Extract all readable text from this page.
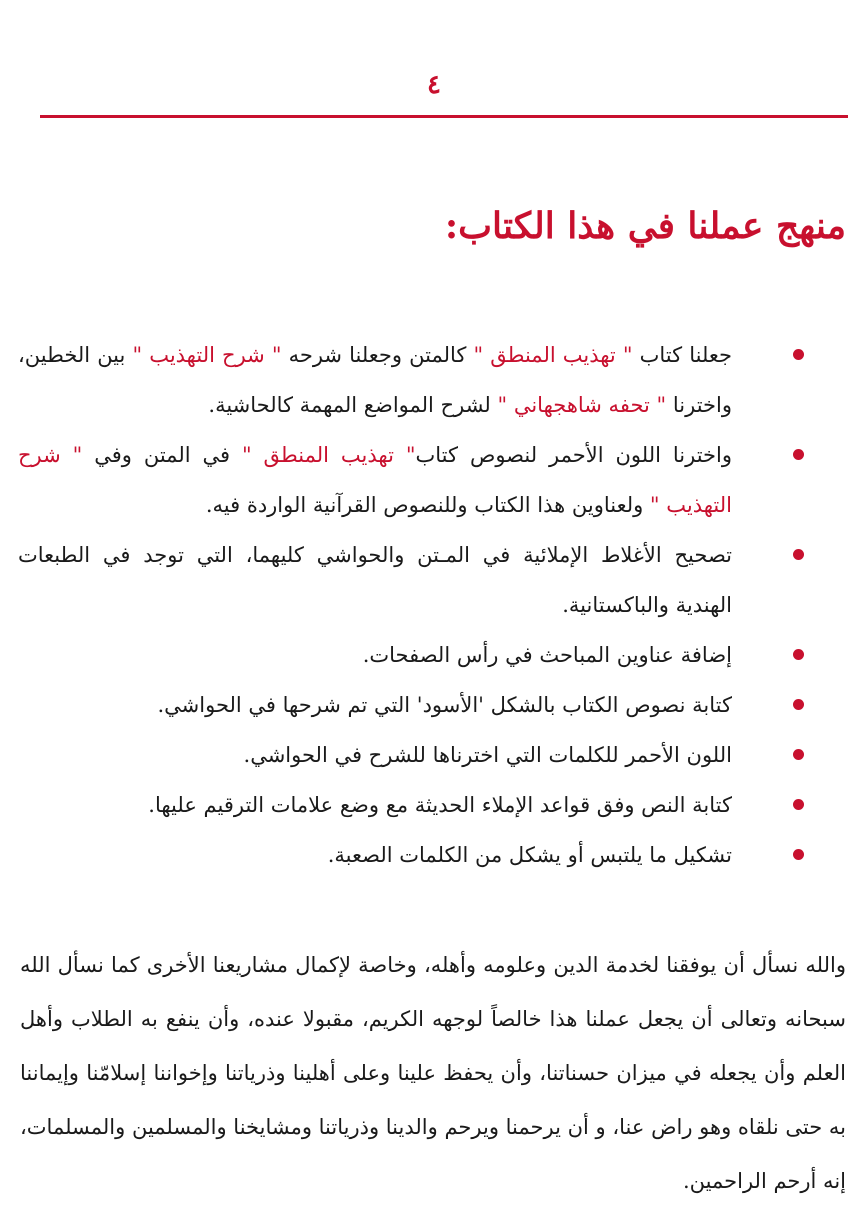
٤
منهج عملنا في هذا الكتاب:
جعلنا كتاب " تهذيب المنطق " كالمتن وجعلنا شرحه " شرح التهذيب " بين الخطين، واخترنا " تحفه شاهجهاني " لشرح المواضع المهمة كالحاشية.
واخترنا اللون الأحمر لنصوص كتاب" تهذيب المنطق " في المتن وفي " شرح التهذيب " ولعناوين هذا الكتاب وللنصوص القرآنية الواردة فيه.
تصحيح الأغلاط الإملائية في المـتن والحواشي كليهما، التي توجد في الطبعات الهندية والباكستانية.
إضافة عناوين المباحث في رأس الصفحات.
كتابة نصوص الكتاب بالشكل 'الأسود' التي تم شرحها في الحواشي.
اللون الأحمر للكلمات التي اخترناها للشرح في الحواشي.
كتابة النص وفق قواعد الإملاء الحديثة مع وضع علامات الترقيم عليها.
تشكيل ما يلتبس أو يشكل من الكلمات الصعبة.

والله نسأل أن يوفقنا لخدمة الدين وعلومه وأهله، وخاصة لإكمال مشاريعنا الأخرى كما نسأل الله سبحانه وتعالى أن يجعل عملنا هذا خالصاً لوجهه الكريم، مقبولا عنده، وأن ينفع به الطلاب وأهل العلم وأن يجعله في ميزان حسناتنا، وأن يحفظ علينا وعلى أهلينا وذرياتنا وإخواننا إسلامّنا وإيماننا به حتى نلقاه وهو راض عنا، و أن يرحمنا ويرحم والدينا وذرياتنا ومشايخنا والمسلمين والمسلمات، إنه أرحم الراحمين.
